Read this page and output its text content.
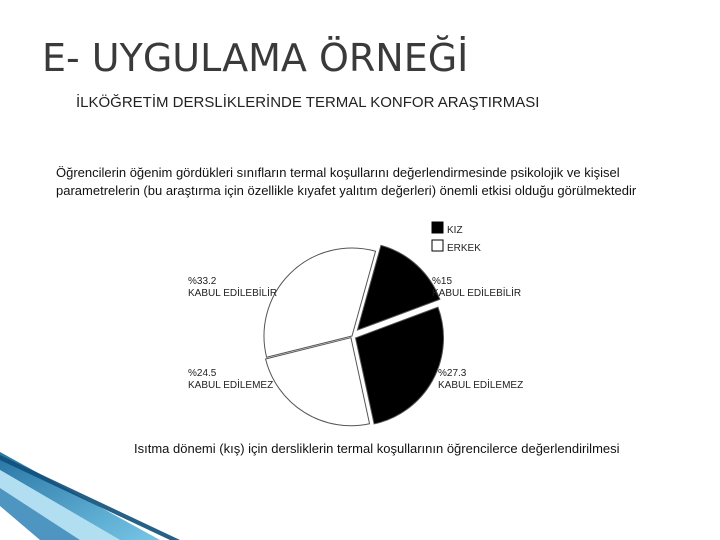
E- UYGULAMA ÖRNEĞİ
İLKÖĞRETİM DERSLİKLERİNDE TERMAL KONFOR ARAŞTIRMASI
Öğrencilerin öğenim gördükleri sınıfların termal koşullarını değerlendirmesinde psikolojik ve kişisel
parametrelerin (bu araştırma için özellikle kıyafet yalıtım değerleri) önemli etkisi olduğu görülmektedir
%33.2
KABUL EDİLEBİLİR
%15
KABUL EDİLEBİLİR
%27.3
KABUL EDİLEMEZ
%24.5
KABUL EDİLEMEZ
KIZ
ERKEK
Isıtma dönemi (kış) için dersliklerin termal koşullarının öğrencilerce değerlendirilmesi
